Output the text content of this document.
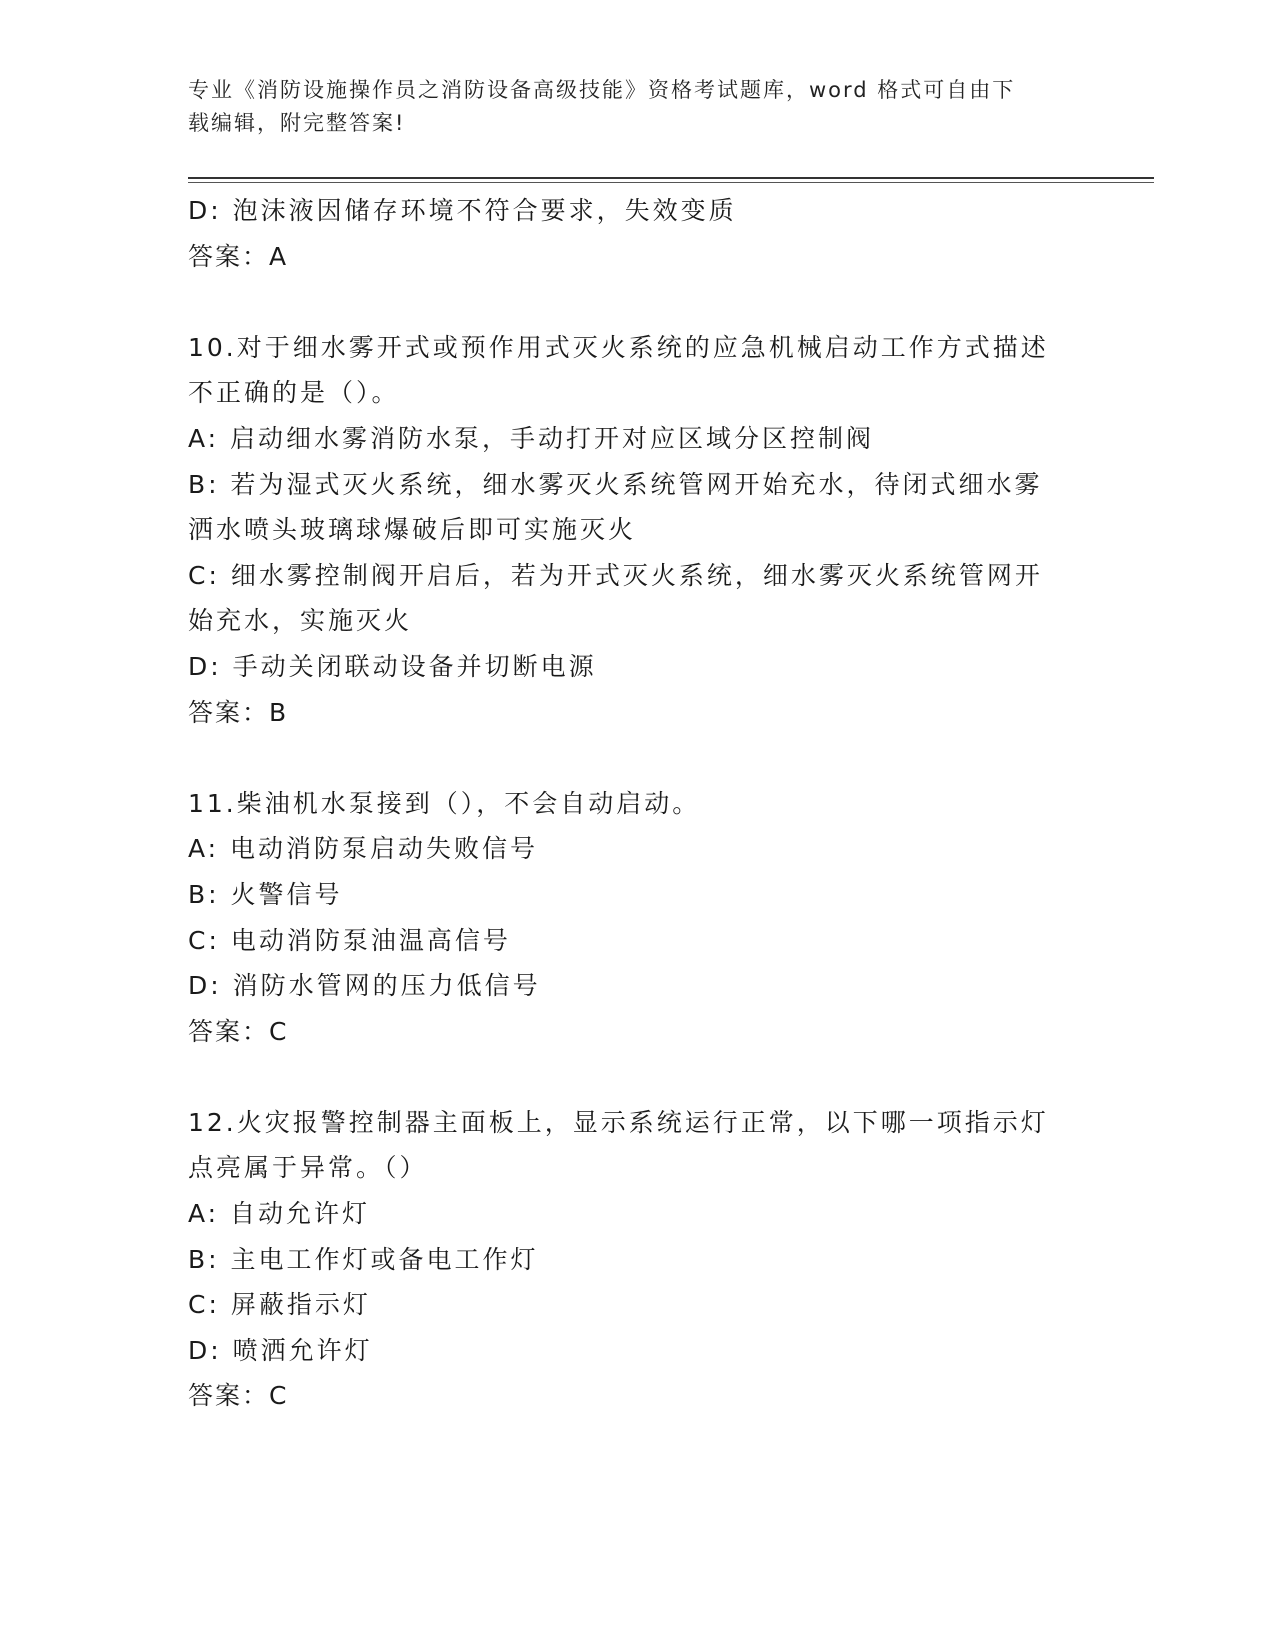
专业《消防设施操作员之消防设备高级技能》资格考试题库，word 格式可自由下
载编辑，附完整答案!
D: 泡沫液因储存环境不符合要求，失效变质
答案：A
10.对于细水雾开式或预作用式灭火系统的应急机械启动工作方式描述
不正确的是（）。
A: 启动细水雾消防水泵，手动打开对应区域分区控制阀
B: 若为湿式灭火系统，细水雾灭火系统管网开始充水，待闭式细水雾
洒水喷头玻璃球爆破后即可实施灭火
C: 细水雾控制阀开启后，若为开式灭火系统，细水雾灭火系统管网开
始充水，实施灭火
D: 手动关闭联动设备并切断电源
答案：B
11.柴油机水泵接到（），不会自动启动。
A: 电动消防泵启动失败信号
B: 火警信号
C: 电动消防泵油温高信号
D: 消防水管网的压力低信号
答案：C
12.火灾报警控制器主面板上，显示系统运行正常，以下哪一项指示灯
点亮属于异常。（）
A: 自动允许灯
B: 主电工作灯或备电工作灯
C: 屏蔽指示灯
D: 喷洒允许灯
答案：C
